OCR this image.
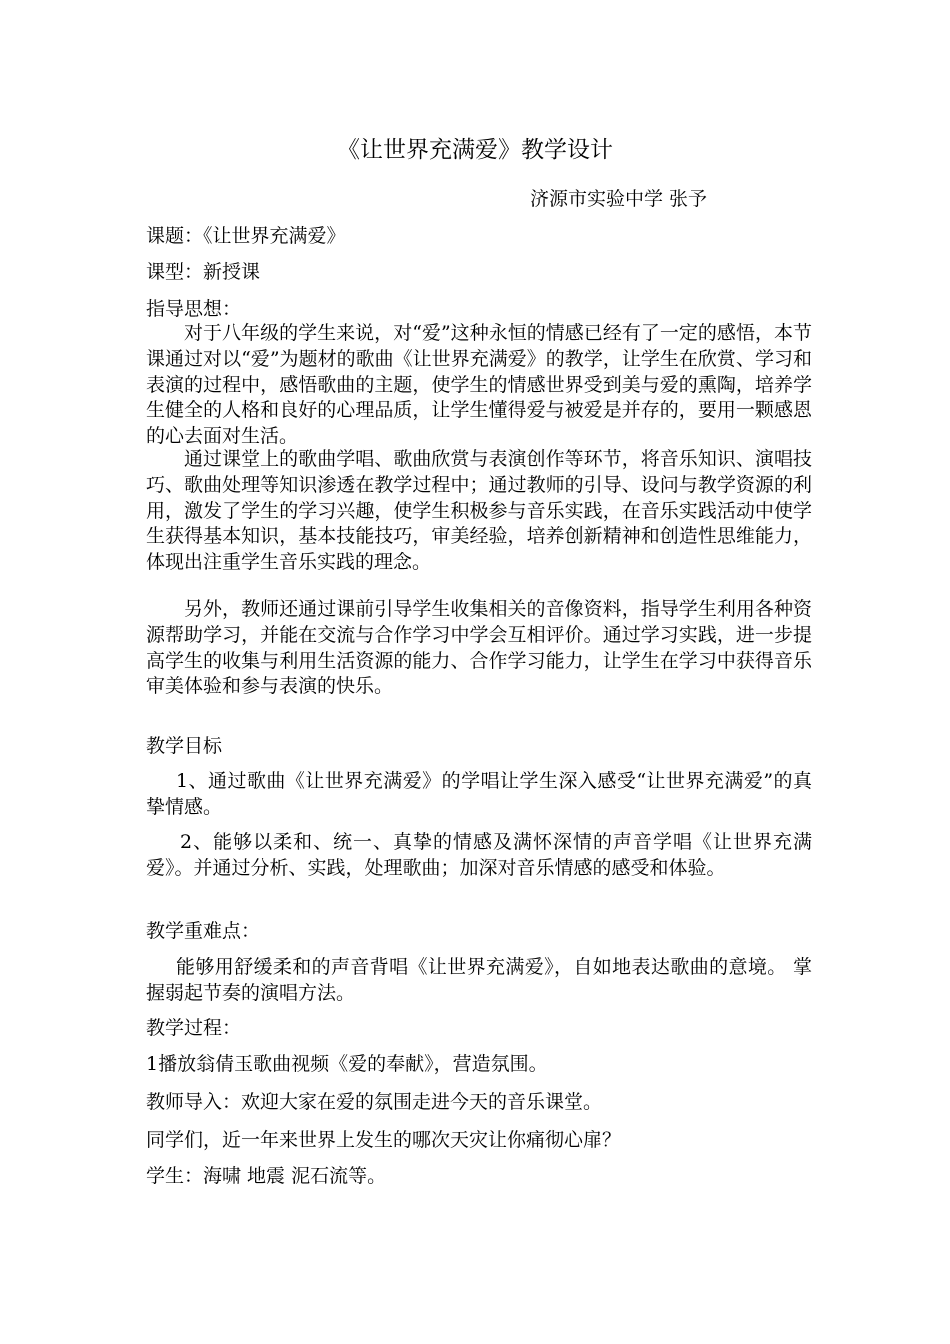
《让世界充满爱》教学设计
济源市实验中学 张予
课题：《让世界充满爱》
课型：新授课
指导思想：

对于八年级的学生来说，对“爱”这种永恒的情感已经有了一定的感悟，本节课通过对以“爱”为题材的歌曲《让世界充满爱》的教学，让学生在欣赏、学习和表演的过程中，感悟歌曲的主题，使学生的情感世界受到美与爱的熏陶，培养学生健全的人格和良好的心理品质，让学生懂得爱与被爱是并存的，要用一颗感恩的心去面对生活。

通过课堂上的歌曲学唱、歌曲欣赏与表演创作等环节，将音乐知识、演唱技巧、歌曲处理等知识渗透在教学过程中；通过教师的引导、设问与教学资源的利用，激发了学生的学习兴趣，使学生积极参与音乐实践，在音乐实践活动中使学生获得基本知识，基本技能技巧，审美经验，培养创新精神和创造性思维能力，体现出注重学生音乐实践的理念。

另外，教师还通过课前引导学生收集相关的音像资料，指导学生利用各种资源帮助学习，并能在交流与合作学习中学会互相评价。通过学习实践，进一步提高学生的收集与利用生活资源的能力、合作学习能力，让学生在学习中获得音乐审美体验和参与表演的快乐。

教学目标

1、通过歌曲《让世界充满爱》的学唱让学生深入感受“让世界充满爱”的真挚情感。

2、能够以柔和、统一、真挚的情感及满怀深情的声音学唱《让世界充满爱》。并通过分析、实践，处理歌曲；加深对音乐情感的感受和体验。

教学重难点：

能够用舒缓柔和的声音背唱《让世界充满爱》，自如地表达歌曲的意境。 掌握弱起节奏的演唱方法。

教学过程：
1播放翁倩玉歌曲视频《爱的奉献》，营造氛围。
教师导入：欢迎大家在爱的氛围走进今天的音乐课堂。
同学们，近一年来世界上发生的哪次天灾让你痛彻心扉？
学生：海啸 地震 泥石流等。
